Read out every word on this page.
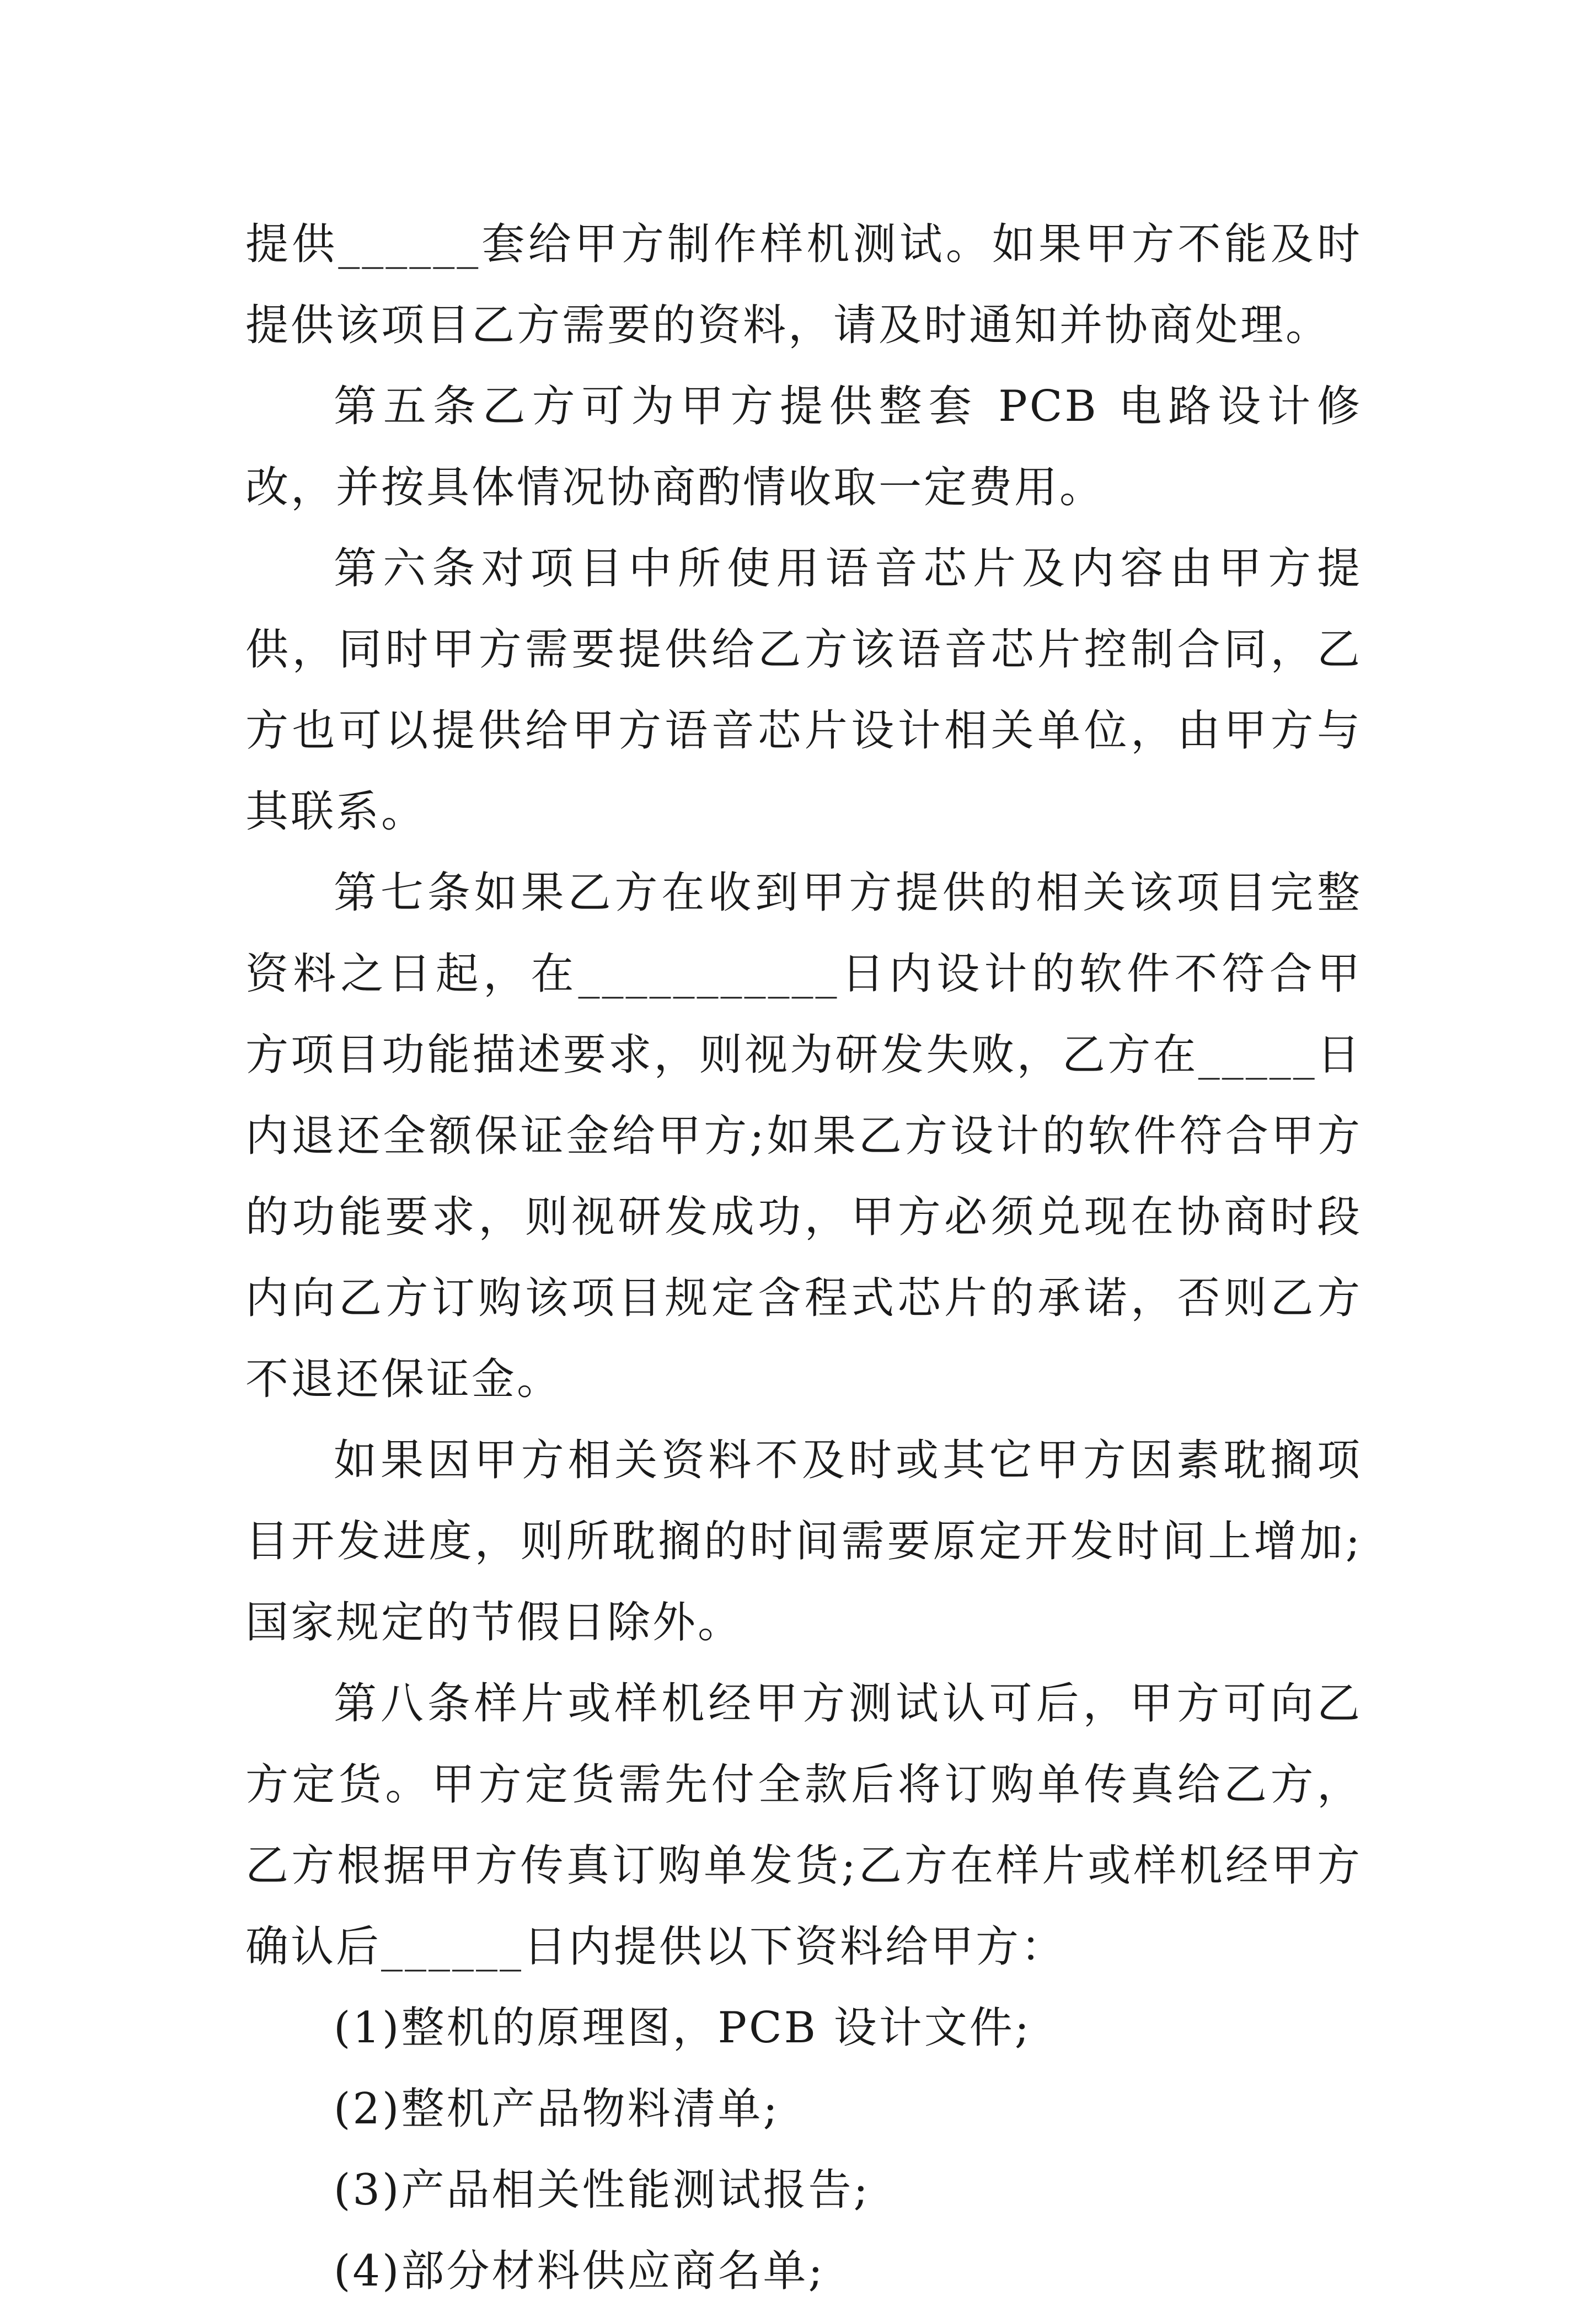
提供______套给甲方制作样机测试。如果甲方不能及时提供该项目乙方需要的资料，请及时通知并协商处理。

第五条乙方可为甲方提供整套 PCB 电路设计修改，并按具体情况协商酌情收取一定费用。

第六条对项目中所使用语音芯片及内容由甲方提供，同时甲方需要提供给乙方该语音芯片控制合同，乙方也可以提供给甲方语音芯片设计相关单位，由甲方与其联系。

第七条如果乙方在收到甲方提供的相关该项目完整资料之日起，在___________日内设计的软件不符合甲方项目功能描述要求，则视为研发失败，乙方在_____日内退还全额保证金给甲方;如果乙方设计的软件符合甲方的功能要求，则视研发成功，甲方必须兑现在协商时段内向乙方订购该项目规定含程式芯片的承诺，否则乙方不退还保证金。

如果因甲方相关资料不及时或其它甲方因素耽搁项目开发进度，则所耽搁的时间需要原定开发时间上增加;国家规定的节假日除外。

第八条样片或样机经甲方测试认可后，甲方可向乙方定货。甲方定货需先付全款后将订购单传真给乙方，乙方根据甲方传真订购单发货;乙方在样片或样机经甲方确认后______日内提供以下资料给甲方：

(1)整机的原理图，PCB 设计文件;

(2)整机产品物料清单;

(3)产品相关性能测试报告;

(4)部分材料供应商名单;
